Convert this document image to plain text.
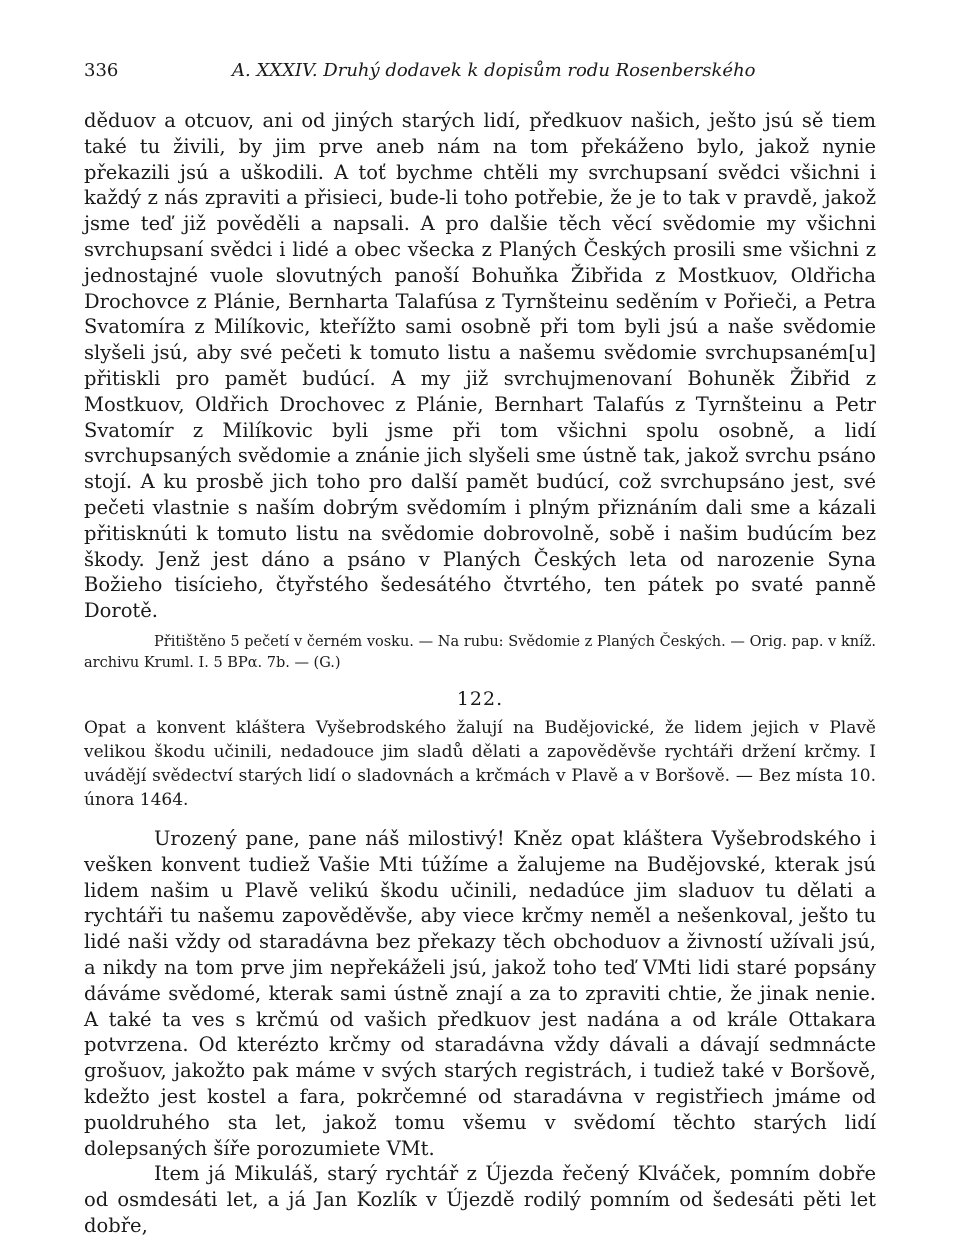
336	A. XXXIV. Druhý dodavek k dopisům rodu Rosenberského

děduov a otcuov, ani od jiných starých lidí, předkuov našich, ještо jsú sě tiem také tu živili, by jim prve aneb nám na tom překáženo bylo, jakož nynie překazili jsú a uškodili. A toť bychme chtěli my svrchupsaní svědci všichni i každý z nás zpraviti a přisieci, bude-li toho potřebie, že je to tak v pravdě, jakož jsme teď již pověděli a napsali. A pro dalšie těch věcí svědomie my všichni svrchupsaní svědci i lidé a obec všecka z Planých Českých prosili sme všichni z jednostajné vuole slovutných panoší Bohuňka Žibřida z Mostkuov, Oldřicha Drochovce z Plánie, Bernharta Talafúsa z Tyrnšteinu seděním v Pořieči, a Petra Svatomíra z Milíkovic, kteřížto sami osobně při tom byli jsú a naše svědomie slyšeli jsú, aby své pečeti k tomuto listu a našemu svědomie svrchupsaném[u] přitiskli pro pamět budúcí. A my již svrchujmenovaní Bohuněk Žibřid z Mostkuov, Oldřich Drochovec z Plánie, Bernhart Talafús z Tyrnšteinu a Petr Svatomír z Milíkovic byli jsme při tom všichni spolu osobně, a lidí svrchupsaných svědomie a znánie jich slyšeli sme ústně tak, jakož svrchu psáno stojí. A ku prosbě jich toho pro další pamět budúcí, což svrchupsáno jest, své pečeti vlastnie s naším dobrým svědomím i plným přiznáním dali sme a kázali přitisknúti k tomuto listu na svědomie dobrovolně, sobě i našim budúcím bez škody. Jenž jest dáno a psáno v Planých Českých leta od narozenie Syna Božieho tisícieho, čtyřstého šedesátého čtvrtého, ten pátek po svaté panně Dorotě.

Přitištěno 5 pečetí v černém vosku. — Na rubu: Svědomie z Planých Českých. — Orig. pap. v kníž. archivu Kruml. I. 5 BPα. 7b. — (G.)

122.

Opat a konvent kláštera Vyšebrodského žalují na Budějovické, že lidem jejich v Plavě velikou škodu učinili, nedadouce jim sladů dělati a zapověděvše rychtáři držení krčmy. I uvádějí svědectví starých lidí o sladovnách a krčmách v Plavě a v Boršově. — Bez místa 10. února 1464.

Urozený pane, pane náš milostivý! Kněz opat kláštera Vyšebrodského i vešken konvent tudiež Vašie Mti túžíme a žalujeme na Budějovské, kterak jsú lidem našim u Plavě velikú škodu učinili, nedadúce jim sladuov tu dělati a rychtáři tu našemu zapověděvše, aby viece krčmy neměl a nešenkoval, ještо tu lidé naši vždy od staradávna bez překazy těch obchoduov a živností užívali jsú, a nikdy na tom prve jim nepřekáželi jsú, jakož toho teď VMti lidi staré popsány dáváme svědomé, kterak sami ústně znají a za to zpraviti chtie, že jinak nenie. A také ta ves s krčmú od vašich předkuov jest nadána a od krále Ottakara potvrzena. Od kterézto krčmy od staradávna vždy dávali a dávají sedmnácte grošuov, jakožto pak máme v svých starých registrách, i tudiež také v Boršově, kdežto jest kostel a fara, pokrčemné od staradávna v registřiech jmáme od puoldruhého sta let, jakož tomu všemu v svědomí těchto starých lidí dolepsaných šíře porozumiete VMt.

Item já Mikuláš, starý rychtář z Újezda řečený Klváček, pomním dobře od osmdesáti let, a já Jan Kozlík v Újezdě rodilý pomním od šedesáti pěti let dobře,
